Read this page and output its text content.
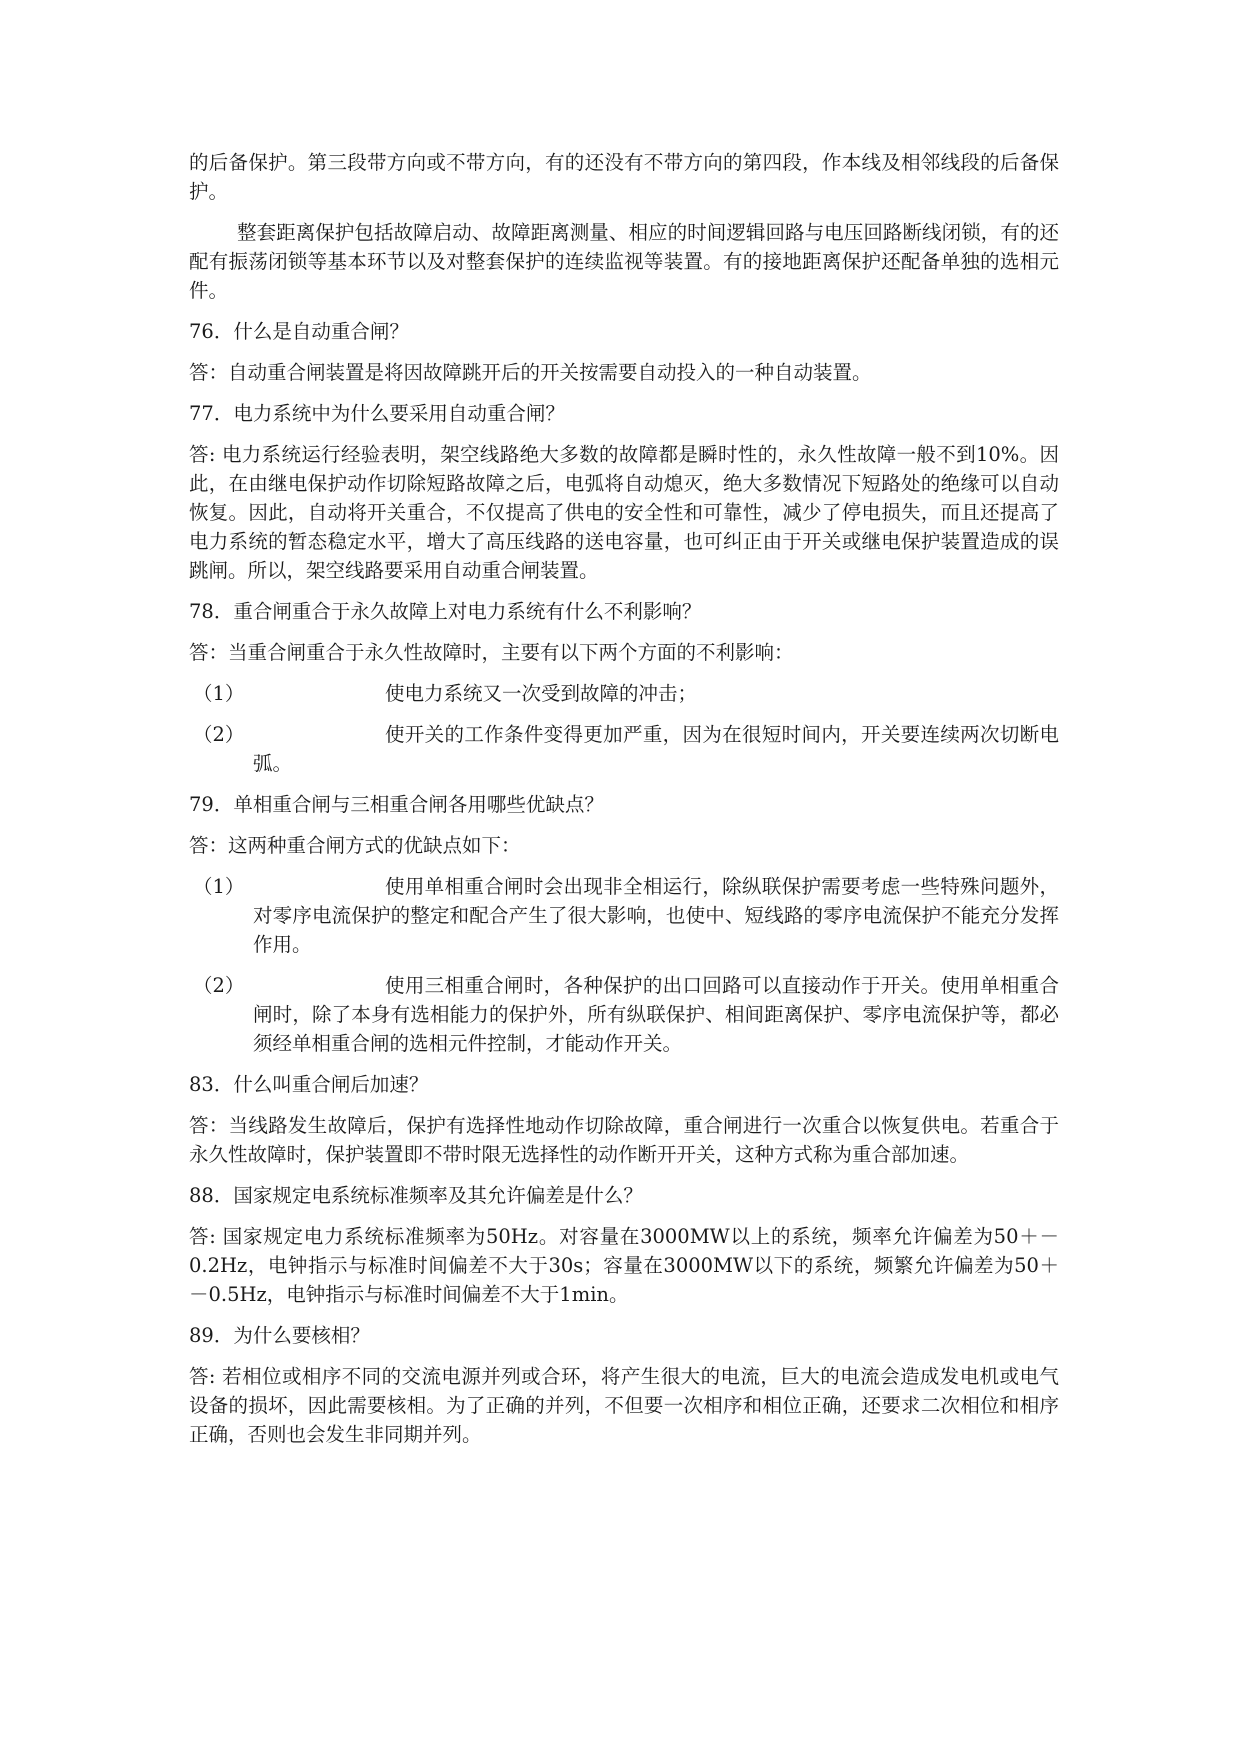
的后备保护。第三段带方向或不带方向，有的还没有不带方向的第四段，作本线及相邻线段的后备保护。

整套距离保护包括故障启动、故障距离测量、相应的时间逻辑回路与电压回路断线闭锁，有的还配有振荡闭锁等基本环节以及对整套保护的连续监视等装置。有的接地距离保护还配备单独的选相元件。

76．什么是自动重合闸？

答：自动重合闸装置是将因故障跳开后的开关按需要自动投入的一种自动装置。

77．电力系统中为什么要采用自动重合闸？

答: 电力系统运行经验表明，架空线路绝大多数的故障都是瞬时性的，永久性故障一般不到10%。因此，在由继电保护动作切除短路故障之后，电弧将自动熄灭，绝大多数情况下短路处的绝缘可以自动恢复。因此，自动将开关重合，不仅提高了供电的安全性和可靠性，减少了停电损失，而且还提高了电力系统的暂态稳定水平，增大了高压线路的送电容量，也可纠正由于开关或继电保护装置造成的误跳闸。所以，架空线路要采用自动重合闸装置。

78．重合闸重合于永久故障上对电力系统有什么不利影响？

答：当重合闸重合于永久性故障时，主要有以下两个方面的不利影响：

（1）	使电力系统又一次受到故障的冲击；
（2）	使开关的工作条件变得更加严重，因为在很短时间内，开关要连续两次切断电弧。

79．单相重合闸与三相重合闸各用哪些优缺点？

答：这两种重合闸方式的优缺点如下：

（1）	使用单相重合闸时会出现非全相运行，除纵联保护需要考虑一些特殊问题外，对零序电流保护的整定和配合产生了很大影响，也使中、短线路的零序电流保护不能充分发挥作用。
（2）	使用三相重合闸时，各种保护的出口回路可以直接动作于开关。使用单相重合闸时，除了本身有选相能力的保护外，所有纵联保护、相间距离保护、零序电流保护等，都必须经单相重合闸的选相元件控制，才能动作开关。

83．什么叫重合闸后加速？

答：当线路发生故障后，保护有选择性地动作切除故障，重合闸进行一次重合以恢复供电。若重合于永久性故障时，保护装置即不带时限无选择性的动作断开开关，这种方式称为重合部加速。

88．国家规定电系统标准频率及其允许偏差是什么？

答: 国家规定电力系统标准频率为50Hz。对容量在3000MW以上的系统，频率允许偏差为50＋－0.2Hz，电钟指示与标准时间偏差不大于30s；容量在3000MW以下的系统，频繁允许偏差为50＋－0.5Hz，电钟指示与标准时间偏差不大于1min。

89．为什么要核相？

答: 若相位或相序不同的交流电源并列或合环，将产生很大的电流，巨大的电流会造成发电机或电气设备的损坏，因此需要核相。为了正确的并列，不但要一次相序和相位正确，还要求二次相位和相序正确，否则也会发生非同期并列。
